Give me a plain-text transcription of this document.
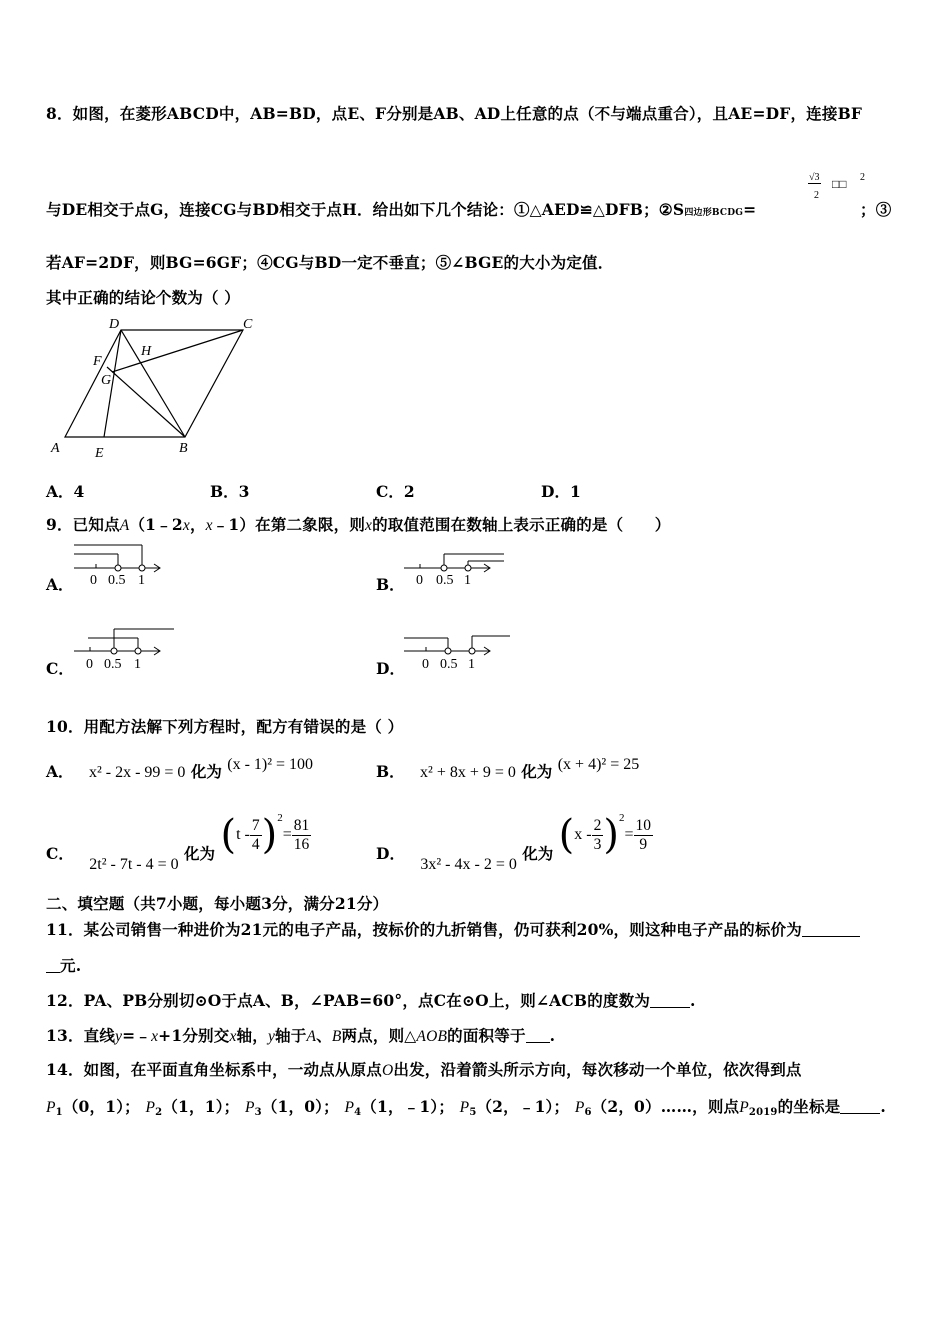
8．如图，在菱形ABCD中，AB=BD，点E、F分别是AB、AD上任意的点（不与端点重合），且AE=DF，连接BF
与DE相交于点G，连接CG与BD相交于点H．给出如下几个结论：①△AED≌△DFB；②S四边形BCDG=
√3
2
□□ 2
；③
若AF=2DF，则BG=6GF；④CG与BD一定不垂直；⑤∠BGE的大小为定值．
其中正确的结论个数为（ ）
D	C
H
F
G
A	E	B
A．4	B．3	C．2	D．1
9．已知点A（1﹣2x，x﹣1）在第二象限，则x的取值范围在数轴上表示正确的是（　　）
A． 0 0.5 1	B． 0 0.5 1
C． 0 0.5 1	D． 0 0.5 1
10．用配方法解下列方程时，配方有错误的是（ ）
A． x² - 2x - 99 = 0 化为 (x - 1)² = 100	B． x² + 8x + 9 = 0 化为 (x + 4)² = 25
C． 2t² - 7t - 4 = 0 化为 $(t - \frac{7}{4} )^2= \frac{81}{16}$	D． 3x² - 4x - 2 = 0 化为 $(x - \frac{2}{3} )^2= \frac{10}{9}$
二、填空题（共7小题，每小题3分，满分21分）
11．某公司销售一种进价为21元的电子产品，按标价的九折销售，仍可获利20%，则这种电子产品的标价为
元.
12．PA、PB分别切⊙O于点A、B，∠PAB=60°，点C在⊙O上，则∠ACB的度数为	.
13．直线y=﹣x+1分别交x轴，y轴于A、B两点，则△AOB的面积等于 .
14．如图，在平面直角坐标系中，一动点从原点O出发，沿着箭头所示方向，每次移动一个单位，依次得到点
$P_1(0$，1）； $P_2(1$，1）； $P_3(1$，0）； $P_4(1$，﹣1）； $P_5(2$，﹣1）； $P_6(2$，0）……，则点$P_{2019}$的坐标是	.
